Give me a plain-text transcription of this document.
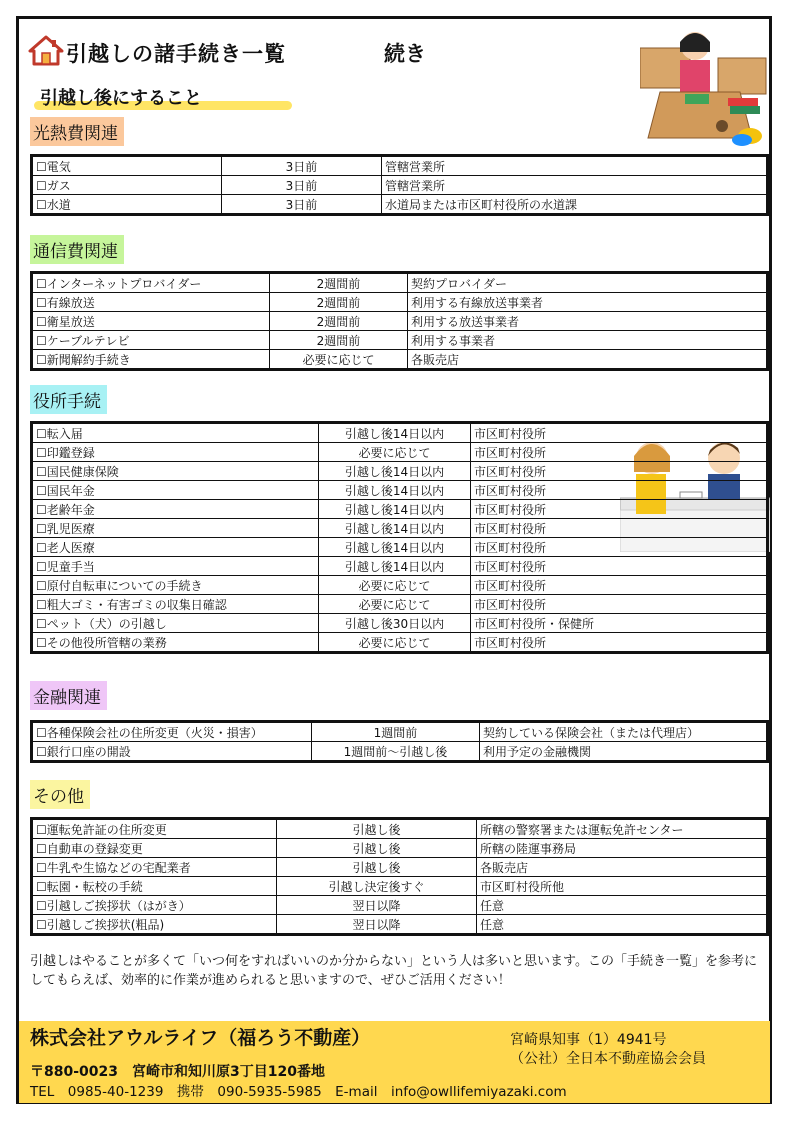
引越しの諸手続き一覧	続き
引越し後にすること
光熱費関連
☐電気	3日前	管轄営業所
☐ガス	3日前	管轄営業所
☐水道	3日前	水道局または市区町村役所の水道課
通信費関連
☐インターネットプロバイダー	2週間前	契約プロバイダー
☐有線放送	2週間前	利用する有線放送事業者
☐衛星放送	2週間前	利用する放送事業者
☐ケーブルテレビ	2週間前	利用する事業者
☐新聞解約手続き	必要に応じて	各販売店
役所手続
☐転入届	引越し後14日以内	市区町村役所
☐印鑑登録	必要に応じて	市区町村役所
☐国民健康保険	引越し後14日以内	市区町村役所
☐国民年金	引越し後14日以内	市区町村役所
☐老齢年金	引越し後14日以内	市区町村役所
☐乳児医療	引越し後14日以内	市区町村役所
☐老人医療	引越し後14日以内	市区町村役所
☐児童手当	引越し後14日以内	市区町村役所
☐原付自転車についての手続き	必要に応じて	市区町村役所
☐粗大ゴミ・有害ゴミの収集日確認	必要に応じて	市区町村役所
☐ペット（犬）の引越し	引越し後30日以内	市区町村役所・保健所
☐その他役所管轄の業務	必要に応じて	市区町村役所
金融関連
☐各種保険会社の住所変更（火災・損害）	1週間前	契約している保険会社（または代理店）
☐銀行口座の開設	1週間前～引越し後	利用予定の金融機関
その他
☐運転免許証の住所変更	引越し後	所轄の警察署または運転免許センター
☐自動車の登録変更	引越し後	所轄の陸運事務局
☐牛乳や生協などの宅配業者	引越し後	各販売店
☐転園・転校の手続	引越し決定後すぐ	市区町村役所他
☐引越しご挨拶状（はがき）	翌日以降	任意
☐引越しご挨拶状(粗品)	翌日以降	任意
引越しはやることが多くて「いつ何をすればいいのか分からない」という人は多いと思います。この「手続き一覧」を参考にしてもらえば、効率的に作業が進められると思いますので、ぜひご活用ください！
株式会社アウルライフ（福ろう不動産）	宮崎県知事（1）4941号
（公社）全日本不動産協会会員
〒880-0023　宮崎市和知川原3丁目120番地
TEL　0985-40-1239　携帯　090-5935-5985　E-mail　info@owllifemiyazaki.com
